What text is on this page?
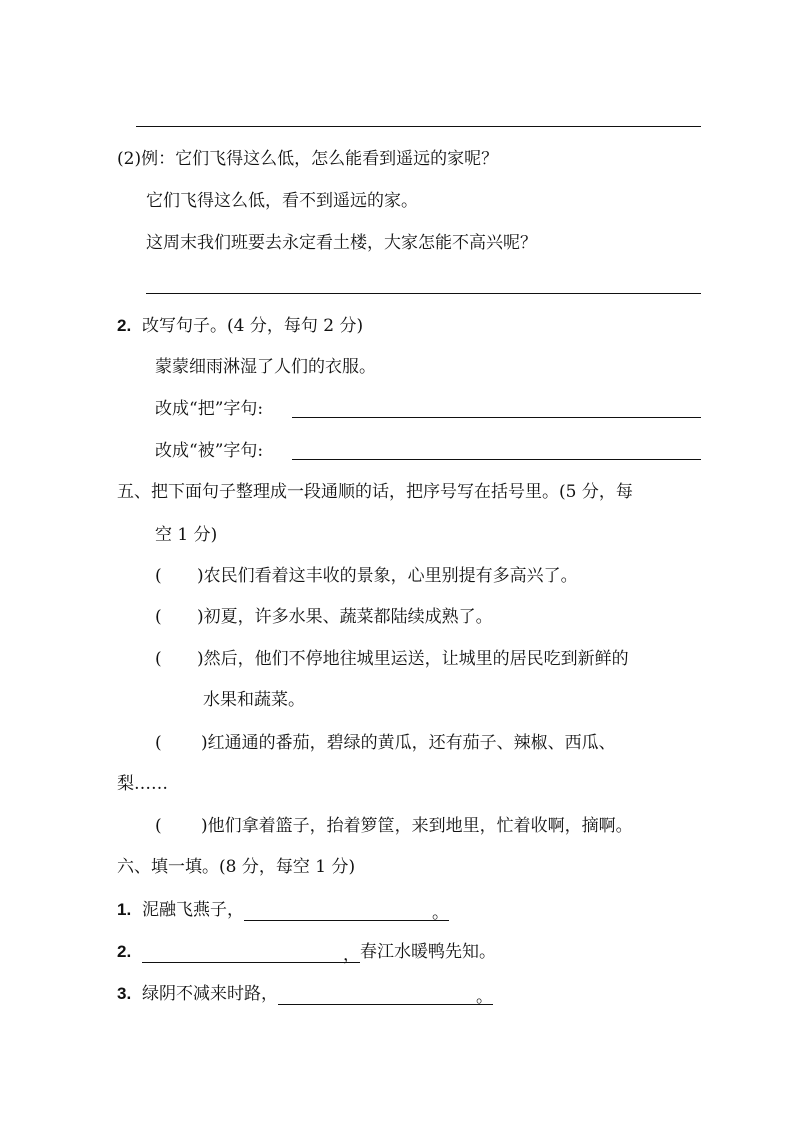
(2)例：它们飞得这么低，怎么能看到遥远的家呢？
它们飞得这么低，看不到遥远的家。
这周末我们班要去永定看土楼，大家怎能不高兴呢？
2. 改写句子。(4 分，每句 2 分)
蒙蒙细雨淋湿了人们的衣服。
改成“把”字句:
改成“被”字句:
五、把下面句子整理成一段通顺的话，把序号写在括号里。(5 分，每
空 1 分)
( )农民们看着这丰收的景象，心里别提有多高兴了。
( )初夏，许多水果、蔬菜都陆续成熟了。
( )然后，他们不停地往城里运送，让城里的居民吃到新鲜的
水果和蔬菜。
( )红通通的番茄，碧绿的黄瓜，还有茄子、辣椒、西瓜、
梨……
( )他们拿着篮子，抬着箩筐，来到地里，忙着收啊，摘啊。
六、填一填。(8 分，每空 1 分)
1. 泥融飞燕子，	。
2.	， 春江水暖鸭先知。
3. 绿阴不减来时路，	。
